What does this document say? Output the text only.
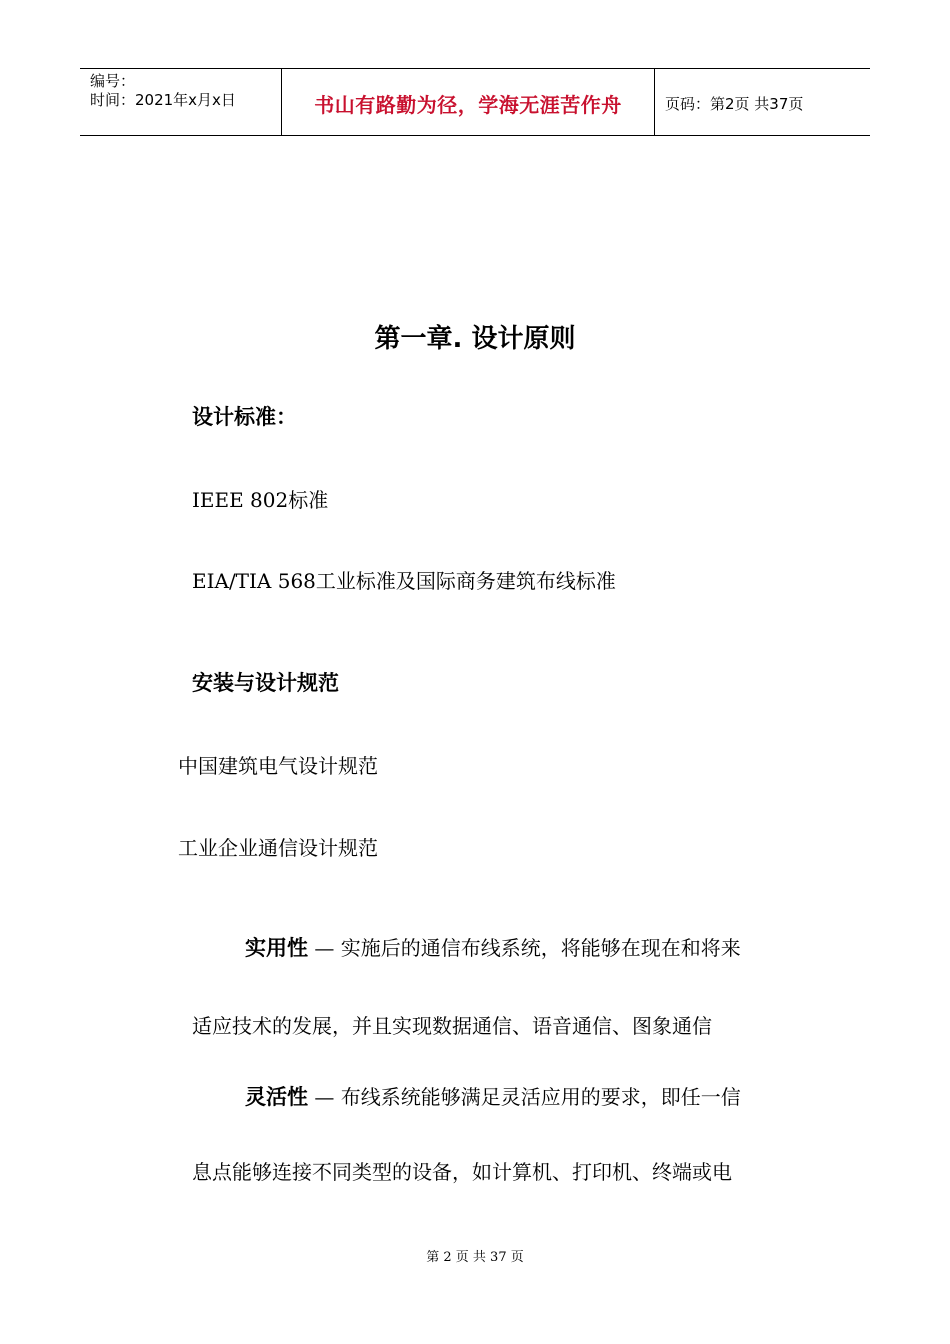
编号：
时间：2021年x月x日	书山有路勤为径，学海无涯苦作舟	页码：第2页 共37页
第一章. 设计原则
设计标准：
IEEE 802标准
EIA/TIA 568工业标准及国际商务建筑布线标准
安装与设计规范
中国建筑电气设计规范
工业企业通信设计规范
实用性 — 实施后的通信布线系统，将能够在现在和将来
适应技术的发展，并且实现数据通信、语音通信、图象通信
灵活性 — 布线系统能够满足灵活应用的要求，即任一信
息点能够连接不同类型的设备，如计算机、打印机、终端或电
第 2 页 共 37 页
